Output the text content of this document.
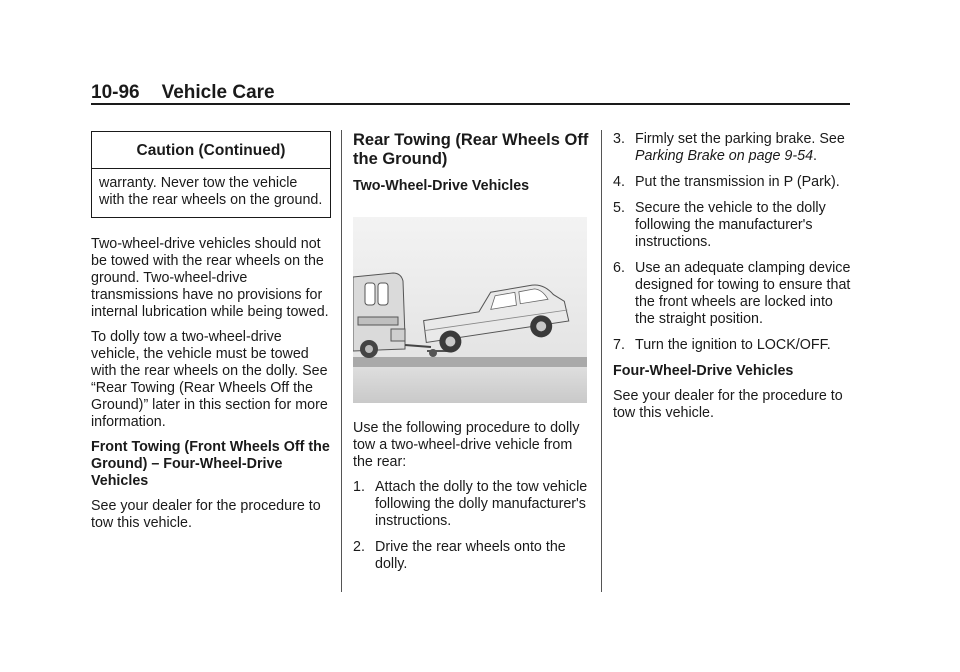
10-96 Vehicle Care
Caution (Continued)
warranty. Never tow the vehicle with the rear wheels on the ground.

Two-wheel-drive vehicles should not be towed with the rear wheels on the ground. Two-wheel-drive transmissions have no provisions for internal lubrication while being towed.

To dolly tow a two-wheel-drive vehicle, the vehicle must be towed with the rear wheels on the dolly. See “Rear Towing (Rear Wheels Off the Ground)” later in this section for more information.

Front Towing (Front Wheels Off the Ground) – Four-Wheel-Drive Vehicles

See your dealer for the procedure to tow this vehicle.

Rear Towing (Rear Wheels Off the Ground)

Two-Wheel-Drive Vehicles

Use the following procedure to dolly tow a two-wheel-drive vehicle from the rear:

1. Attach the dolly to the tow vehicle following the dolly manufacturer's instructions.
2. Drive the rear wheels onto the dolly.
3. Firmly set the parking brake. See Parking Brake on page 9-54.
4. Put the transmission in P (Park).
5. Secure the vehicle to the dolly following the manufacturer's instructions.
6. Use an adequate clamping device designed for towing to ensure that the front wheels are locked into the straight position.
7. Turn the ignition to LOCK/OFF.

Four-Wheel-Drive Vehicles

See your dealer for the procedure to tow this vehicle.
